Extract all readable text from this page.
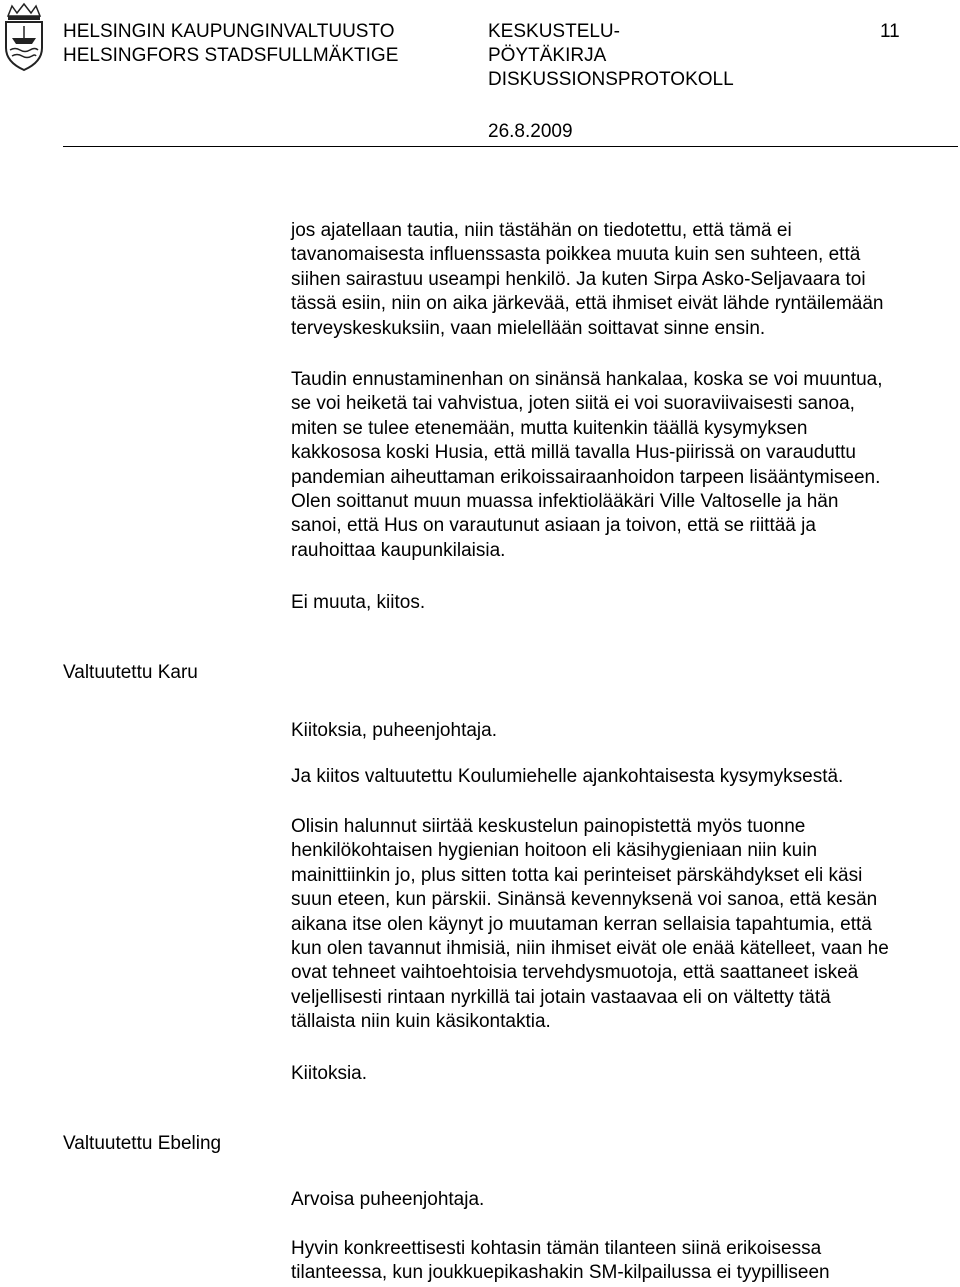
HELSINGIN KAUPUNGINVALTUUSTO
HELSINGFORS STADSFULLMÄKTIGE
KESKUSTELU-
PÖYTÄKIRJA
DISKUSSIONSPROTOKOLL
11
26.8.2009
jos ajatellaan tautia, niin tästähän on tiedotettu, että tämä ei
tavanomaisesta influenssasta poikkea muuta kuin sen suhteen, että
siihen sairastuu useampi henkilö. Ja kuten Sirpa Asko-Seljavaara toi
tässä esiin, niin on aika järkevää, että ihmiset eivät lähde ryntäilemään
terveyskeskuksiin, vaan mielellään soittavat sinne ensin.
Taudin ennustaminenhan on sinänsä hankalaa, koska se voi muuntua,
se voi heiketä tai vahvistua, joten siitä ei voi suoraviivaisesti sanoa,
miten se tulee etenemään, mutta kuitenkin täällä kysymyksen
kakkososa koski Husia, että millä tavalla Hus-piirissä on varauduttu
pandemian aiheuttaman erikoissairaanhoidon tarpeen lisääntymiseen.
Olen soittanut muun muassa infektiolääkäri Ville Valtoselle ja hän
sanoi, että Hus on varautunut asiaan ja toivon, että se riittää ja
rauhoittaa kaupunkilaisia.
Ei muuta, kiitos.
Valtuutettu Karu
Kiitoksia, puheenjohtaja.
Ja kiitos valtuutettu Koulumiehelle ajankohtaisesta kysymyksestä.
Olisin halunnut siirtää keskustelun painopistettä myös tuonne
henkilökohtaisen hygienian hoitoon eli käsihygieniaan niin kuin
mainittiinkin jo, plus sitten totta kai perinteiset pärskähdykset eli käsi
suun eteen, kun pärskii. Sinänsä kevennyksenä voi sanoa, että kesän
aikana itse olen käynyt jo muutaman kerran sellaisia tapahtumia, että
kun olen tavannut ihmisiä, niin ihmiset eivät ole enää kätelleet, vaan he
ovat tehneet vaihtoehtoisia tervehdysmuotoja, että saattaneet iskeä
veljellisesti rintaan nyrkillä tai jotain vastaavaa eli on vältetty tätä
tällaista niin kuin käsikontaktia.
Kiitoksia.
Valtuutettu Ebeling
Arvoisa puheenjohtaja.
Hyvin konkreettisesti kohtasin tämän tilanteen siinä erikoisessa
tilanteessa, kun joukkuepikashakin SM-kilpailussa ei tyypilliseen
